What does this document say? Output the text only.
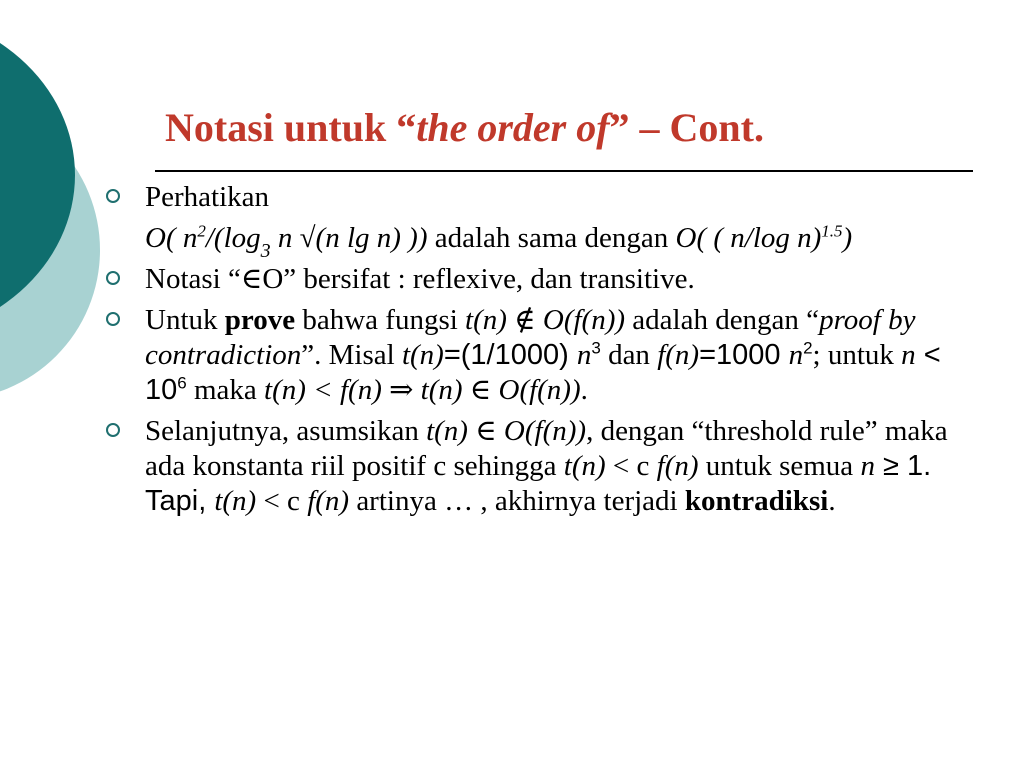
Notasi untuk “the order of” – Cont.
Perhatikan
O( $n^2/(\log_3$ n √(n lg n) )) adalah sama dengan O( ( n/log n)$^{1.5}$)
Notasi “∈O” bersifat : reflexive, dan transitive.
Untuk prove bahwa fungsi t(n) ∉ O(f(n)) adalah dengan “proof by contradiction”. Misal t(n)=(1/1000) $n^3$ dan f(n)=1000 $n^2$; untuk $n < 10^6$ maka t(n) < f(n) ⇒ t(n) ∈ O(f(n)).
Selanjutnya, asumsikan t(n) ∈ O(f(n)), dengan “threshold rule” maka ada konstanta riil positif c sehingga t(n) < c f(n) untuk semua n ≥ 1. Tapi, t(n) < c f(n) artinya … , akhirnya terjadi kontradiksi.
